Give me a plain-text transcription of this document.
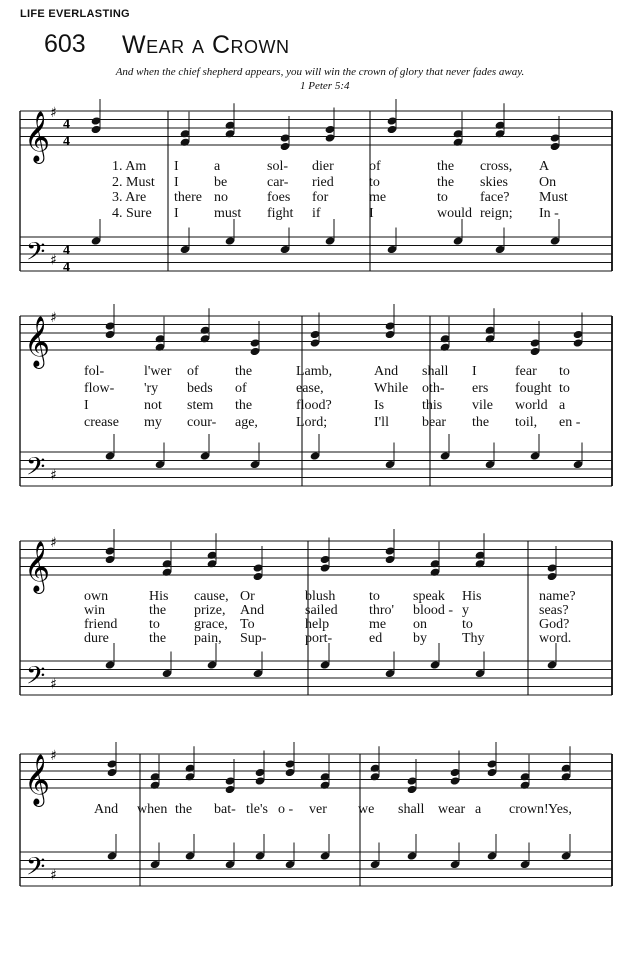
LIFE EVERLASTING
603 Wear a Crown
And when the chief shepherd appears, you will win the crown of glory that never fades away.
1 Peter 5:4
𝄞
𝄢
♯
♯
4
4
4
4
𝄞
𝄢
♯
♯
𝄞
𝄢
♯
♯
𝄞
𝄢
♯
♯
1. Am I	a	sol- dier	of	the cross, A
2. Must I	be	car- ried	to	the skies On
3. Are there no	foes for	me	to face? Must
4. Sure I	must fight if	I	would reign; In -
fol-	l'wer of	the	Lamb,	And shall I	fear to
flow- 'ry beds of	ease,	While oth- ers fought to
I	not stem the	flood?	Is	this vile world a
crease my cour- age,	Lord;	I'll bear the toil, en -
own	His cause, Or	blush to speak His	name?
win	the prize, And	sailed thro' blood - y	seas?
friend to grace, To	help	me on	to	God?
dure	the pain, Sup-	port-	ed by	Thy	word.
And when the bat- tle's o - ver we shall wear a crown! Yes,
